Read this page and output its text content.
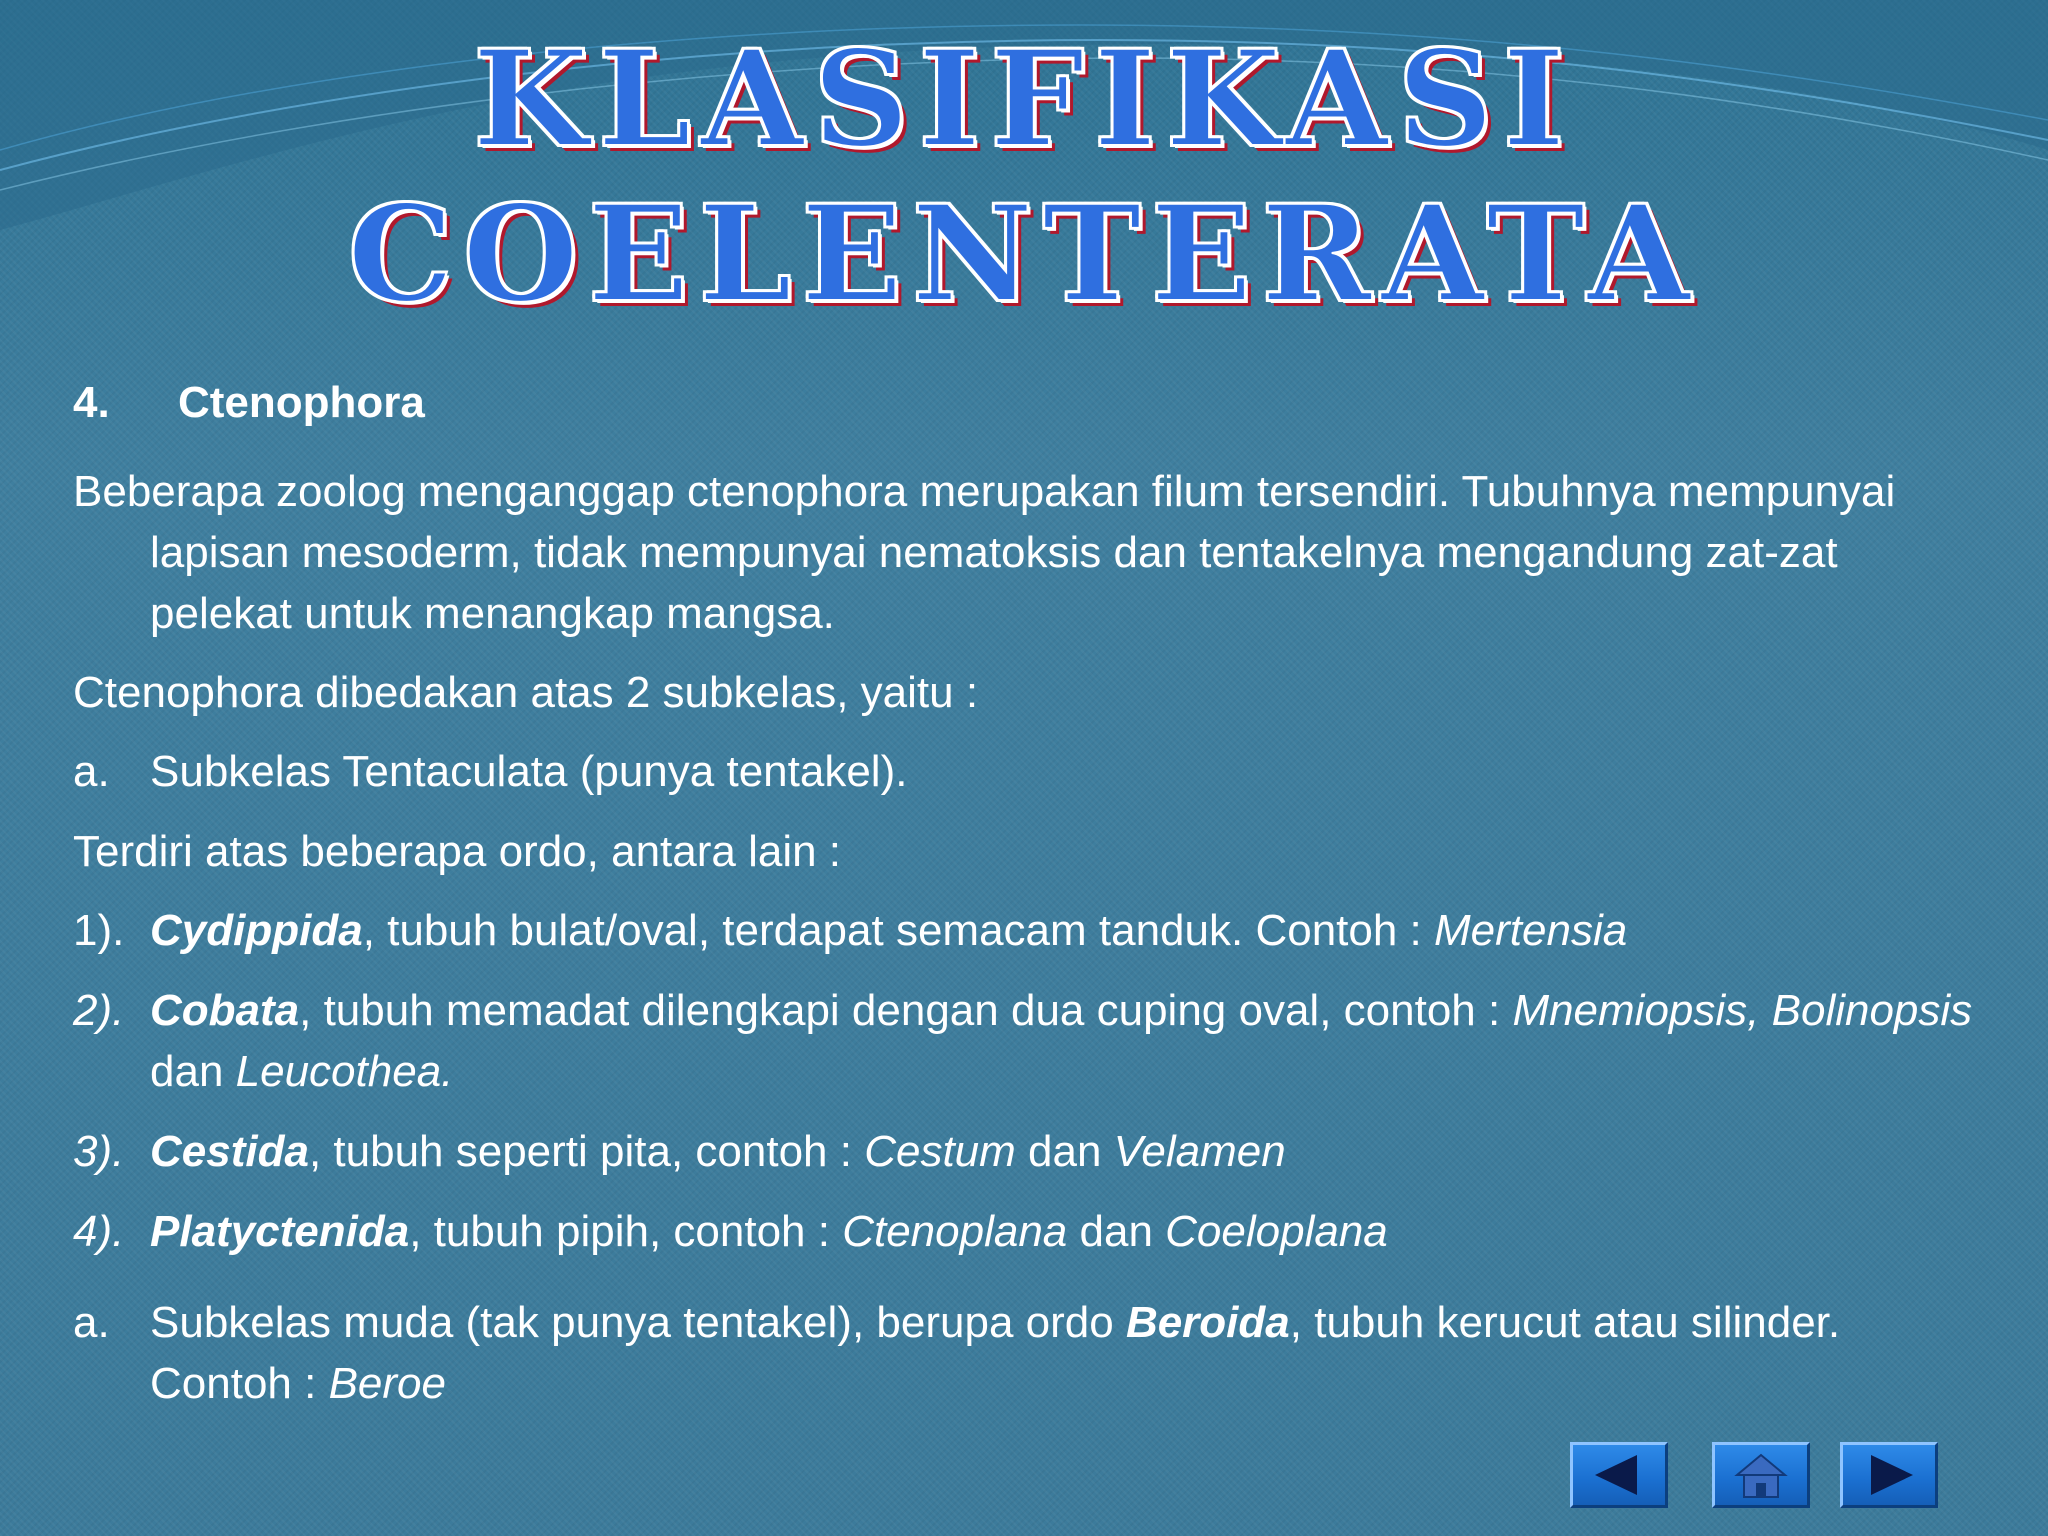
KLASIFIKASI COELENTERATA
4. Ctenophora
Beberapa zoolog menganggap ctenophora merupakan filum tersendiri. Tubuhnya mempunyai lapisan mesoderm, tidak mempunyai nematoksis dan tentakelnya mengandung zat-zat pelekat untuk menangkap mangsa.
Ctenophora dibedakan atas 2 subkelas, yaitu :
a. Subkelas Tentaculata (punya tentakel).
Terdiri atas beberapa ordo, antara lain :
1). Cydippida, tubuh bulat/oval, terdapat semacam tanduk. Contoh : Mertensia
2). Cobata, tubuh memadat dilengkapi dengan dua cuping oval, contoh : Mnemiopsis, Bolinopsis dan Leucothea.
3). Cestida, tubuh seperti pita, contoh : Cestum dan Velamen
4). Platyctenida, tubuh pipih, contoh : Ctenoplana dan Coeloplana
a. Subkelas muda (tak punya tentakel), berupa ordo Beroida, tubuh kerucut atau silinder. Contoh : Beroe
